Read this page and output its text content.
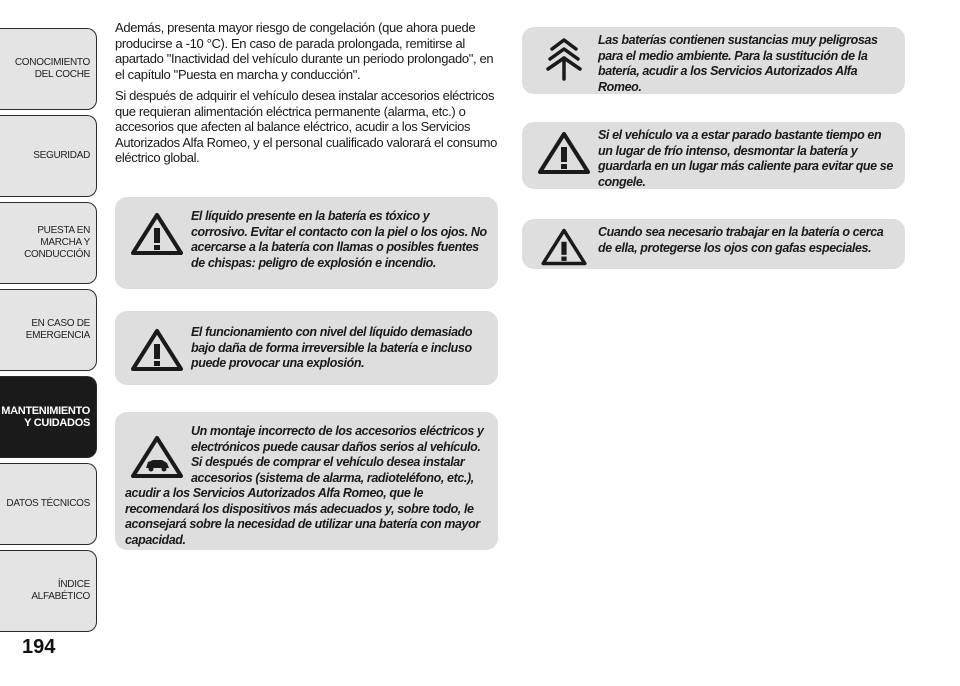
CONOCIMIENTO DEL COCHE
SEGURIDAD
PUESTA EN MARCHA Y CONDUCCIÓN
EN CASO DE EMERGENCIA
MANTENIMIENTO Y CUIDADOS
DATOS TÉCNICOS
ÍNDICE ALFABÉTICO
194

Además, presenta mayor riesgo de congelación (que ahora puede producirse a -10 °C). En caso de parada prolongada, remitirse al apartado "Inactividad del vehículo durante un periodo prolongado", en el capítulo "Puesta en marcha y conducción".

Si después de adquirir el vehículo desea instalar accesorios eléctricos que requieran alimentación eléctrica permanente (alarma, etc.) o accesorios que afecten al balance eléctrico, acudir a los Servicios Autorizados Alfa Romeo, y el personal cualificado valorará el consumo eléctrico global.

El líquido presente en la batería es tóxico y corrosivo. Evitar el contacto con la piel o los ojos. No acercarse a la batería con llamas o posibles fuentes de chispas: peligro de explosión e incendio.
El funcionamiento con nivel del líquido demasiado bajo daña de forma irreversible la batería e incluso puede provocar una explosión.
Un montaje incorrecto de los accesorios eléctricos y electrónicos puede causar daños serios al vehículo. Si después de comprar el vehículo desea instalar accesorios (sistema de alarma, radioteléfono, etc.), acudir a los Servicios Autorizados Alfa Romeo, que le recomendará los dispositivos más adecuados y, sobre todo, le aconsejará sobre la necesidad de utilizar una batería con mayor capacidad.
Las baterías contienen sustancias muy peligrosas para el medio ambiente. Para la sustitución de la batería, acudir a los Servicios Autorizados Alfa Romeo.
Si el vehículo va a estar parado bastante tiempo en un lugar de frío intenso, desmontar la batería y guardarla en un lugar más caliente para evitar que se congele.
Cuando sea necesario trabajar en la batería o cerca de ella, protegerse los ojos con gafas especiales.
